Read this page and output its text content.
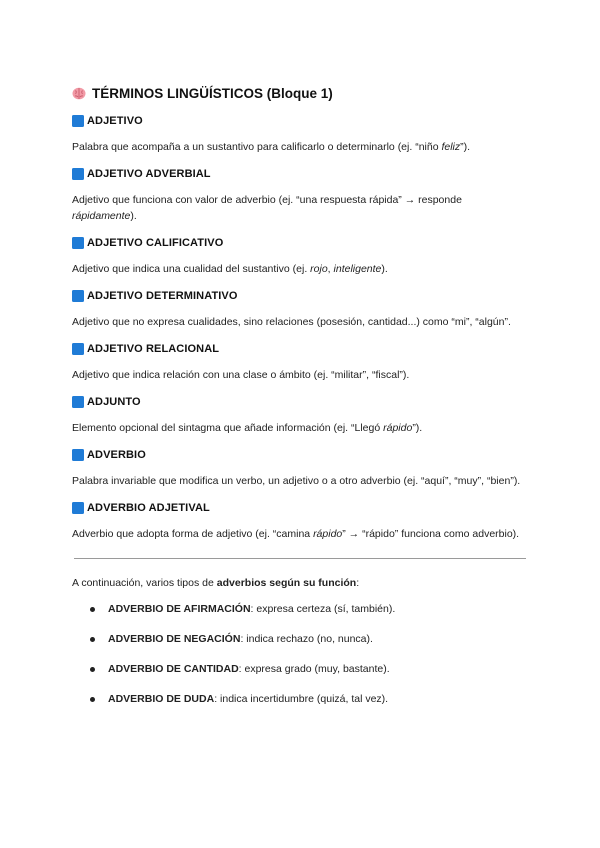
TÉRMINOS LINGÜÍSTICOS (Bloque 1)
ADJETIVO
Palabra que acompaña a un sustantivo para calificarlo o determinarlo (ej. “niño feliz”).
ADJETIVO ADVERBIAL
Adjetivo que funciona con valor de adverbio (ej. “una respuesta rápida” → responde rápidamente).
ADJETIVO CALIFICATIVO
Adjetivo que indica una cualidad del sustantivo (ej. rojo, inteligente).
ADJETIVO DETERMINATIVO
Adjetivo que no expresa cualidades, sino relaciones (posesión, cantidad...) como “mi”, “algún”.
ADJETIVO RELACIONAL
Adjetivo que indica relación con una clase o ámbito (ej. “militar”, “fiscal”).
ADJUNTO
Elemento opcional del sintagma que añade información (ej. “Llegó rápido”).
ADVERBIO
Palabra invariable que modifica un verbo, un adjetivo o a otro adverbio (ej. “aquí”, “muy”, “bien”).
ADVERBIO ADJETIVAL
Adverbio que adopta forma de adjetivo (ej. “camina rápido” → “rápido” funciona como adverbio).
A continuación, varios tipos de adverbios según su función:
ADVERBIO DE AFIRMACIÓN: expresa certeza (sí, también).
ADVERBIO DE NEGACIÓN: indica rechazo (no, nunca).
ADVERBIO DE CANTIDAD: expresa grado (muy, bastante).
ADVERBIO DE DUDA: indica incertidumbre (quizá, tal vez).
